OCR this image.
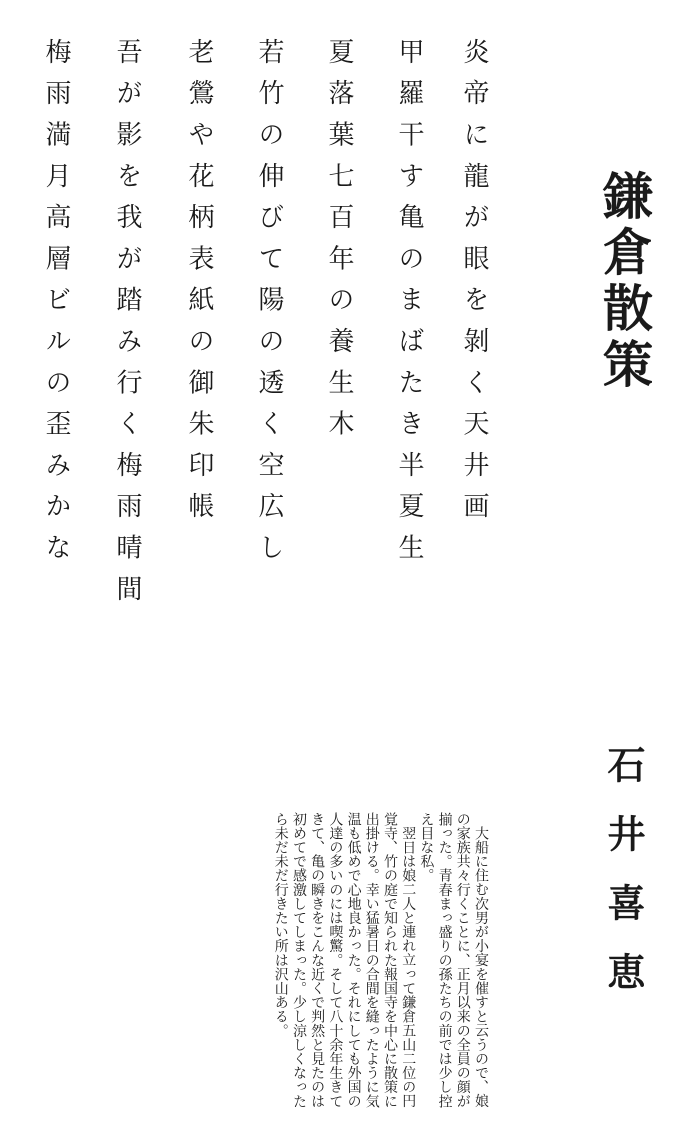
鎌倉散策
石井喜恵
炎帝に龍が眼を剝く天井画
甲羅干す亀のまばたき半夏生
夏落葉七百年の養生木
若竹の伸びて陽の透く空広し
老鶯や花柄表紙の御朱印帳
吾が影を我が踏み行く梅雨晴間
梅雨満月高層ビルの歪みかな

大船に住む次男が小宴を催すと云うので、娘の家族共々行くことに、正月以来の全員の顔が揃った。青春まっ盛りの孫たちの前では少し控え目な私。

翌日は娘二人と連れ立って鎌倉五山二位の円覚寺、竹の庭で知られた報国寺を中心に散策に出掛ける。幸い猛暑日の合間を縫ったように気温も低めで心地良かった。それにしても外国の人達の多いのには喫驚。そして八十余年生きてきて、亀の瞬きをこんな近くで判然と見たのは初めてで感激してしまった。少し涼しくなったら未だ未だ行きたい所は沢山ある。
